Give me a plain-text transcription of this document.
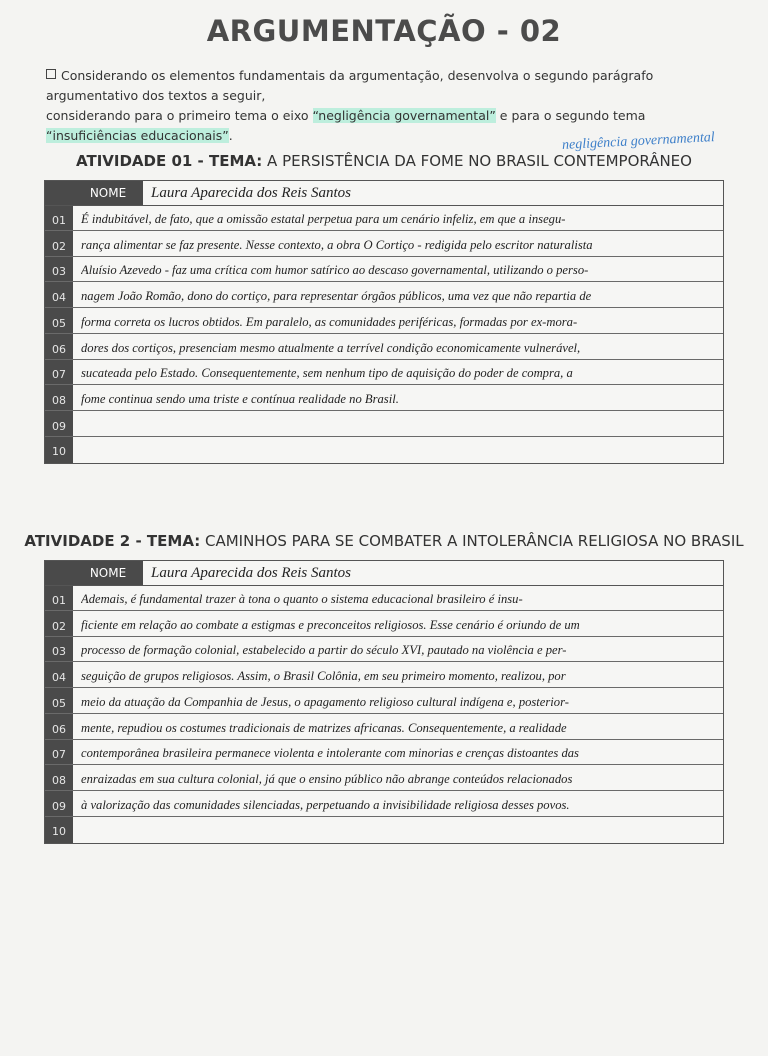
ARGUMENTAÇÃO - 02
Considerando os elementos fundamentais da argumentação, desenvolva o segundo parágrafo argumentativo dos textos a seguir,
considerando para o primeiro tema o eixo “negligência governamental” e para o segundo tema “insuficiências educacionais”.	negligência governamental
ATIVIDADE 01 - TEMA: A PERSISTÊNCIA DA FOME NO BRASIL CONTEMPORÂNEO
NOME	Laura Aparecida dos Reis Santos
01	É indubitável, de fato, que a omissão estatal perpetua para um cenário infeliz, em que a insegu-
02	rança alimentar se faz presente. Nesse contexto, a obra O Cortiço - redigida pelo escritor naturalista
03	Aluísio Azevedo - faz uma crítica com humor satírico ao descaso governamental, utilizando o perso-
04	nagem João Romão, dono do cortiço, para representar órgãos públicos, uma vez que não repartia de
05	forma correta os lucros obtidos. Em paralelo, as comunidades periféricas, formadas por ex-mora-
06	dores dos cortiços, presenciam mesmo atualmente a terrível condição economicamente vulnerável,
07	sucateada pelo Estado. Consequentemente, sem nenhum tipo de aquisição do poder de compra, a
08	fome continua sendo uma triste e contínua realidade no Brasil.
09
10
ATIVIDADE 2 - TEMA: CAMINHOS PARA SE COMBATER A INTOLERÂNCIA RELIGIOSA NO BRASIL
NOME	Laura Aparecida dos Reis Santos
01	Ademais, é fundamental trazer à tona o quanto o sistema educacional brasileiro é insu-
02	ficiente em relação ao combate a estigmas e preconceitos religiosos. Esse cenário é oriundo de um
03	processo de formação colonial, estabelecido a partir do século XVI, pautado na violência e per-
04	seguição de grupos religiosos. Assim, o Brasil Colônia, em seu primeiro momento, realizou, por
05	meio da atuação da Companhia de Jesus, o apagamento religioso cultural indígena e, posterior-
06	mente, repudiou os costumes tradicionais de matrizes africanas. Consequentemente, a realidade
07	contemporânea brasileira permanece violenta e intolerante com minorias e crenças distoantes das
08	enraizadas em sua cultura colonial, já que o ensino público não abrange conteúdos relacionados
09	à valorização das comunidades silenciadas, perpetuando a invisibilidade religiosa desses povos.
10
